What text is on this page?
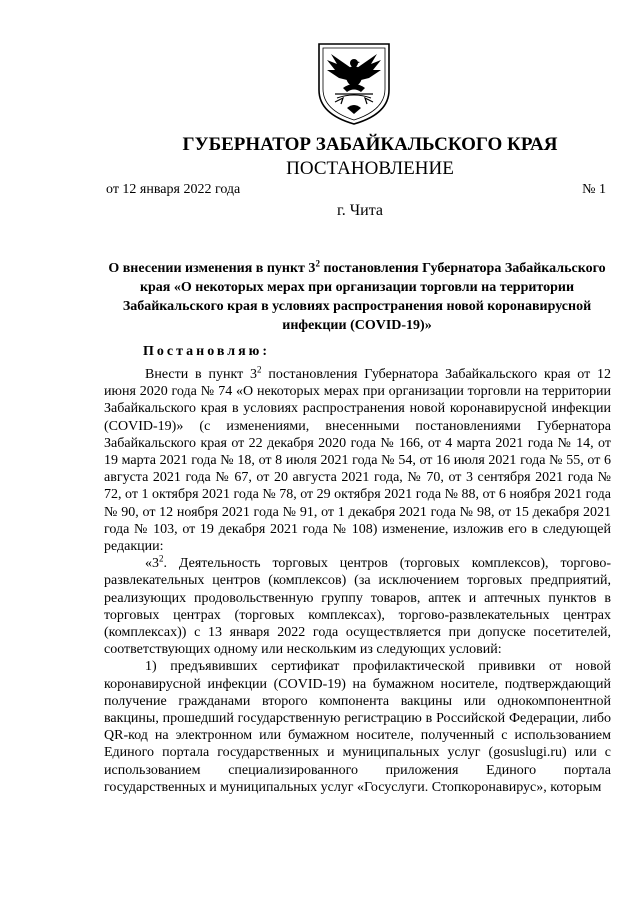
ГУБЕРНАТОР ЗАБАЙКАЛЬСКОГО КРАЯ
ПОСТАНОВЛЕНИЕ
от 12 января 2022 года	№ 1
г. Чита
О внесении изменения в пункт $3^2$ постановления Губернатора Забайкальского края «О некоторых мерах при организации торговли на территории Забайкальского края в условиях распространения новой коронавирусной инфекции (COVID-19)»
Постановляю:

Внести в пункт $3^2$ постановления Губернатора Забайкальского края от 12 июня 2020 года № 74 «О некоторых мерах при организации торговли на территории Забайкальского края в условиях распространения новой коронавирусной инфекции (COVID-19)» (с изменениями, внесенными постановлениями Губернатора Забайкальского края от 22 декабря 2020 года № 166, от 4 марта 2021 года № 14, от 19 марта 2021 года № 18, от 8 июля 2021 года № 54, от 16 июля 2021 года № 55, от 6 августа 2021 года № 67, от 20 августа 2021 года, № 70, от 3 сентября 2021 года № 72, от 1 октября 2021 года № 78, от 29 октября 2021 года № 88, от 6 ноября 2021 года № 90, от 12 ноября 2021 года № 91, от 1 декабря 2021 года № 98, от 15 декабря 2021 года № 103, от 19 декабря 2021 года № 108) изменение, изложив его в следующей редакции:

«$3^2$. Деятельность торговых центров (торговых комплексов), торгово-развлекательных центров (комплексов) (за исключением торговых предприятий, реализующих продовольственную группу товаров, аптек и аптечных пунктов в торговых центрах (торговых комплексах), торгово-развлекательных центрах (комплексах)) с 13 января 2022 года осуществляется при допуске посетителей, соответствующих одному или нескольким из следующих условий:

1) предъявивших сертификат профилактической прививки от новой коронавирусной инфекции (COVID-19) на бумажном носителе, подтверждающий получение гражданами второго компонента вакцины или однокомпонентной вакцины, прошедший государственную регистрацию в Российской Федерации, либо QR-код на электронном или бумажном носителе, полученный с использованием Единого портала государственных и муниципальных услуг (gosuslugi.ru) или с использованием специализированного приложения Единого портала государственных и муниципальных услуг «Госуслуги. Стопкоронавирус», которым
